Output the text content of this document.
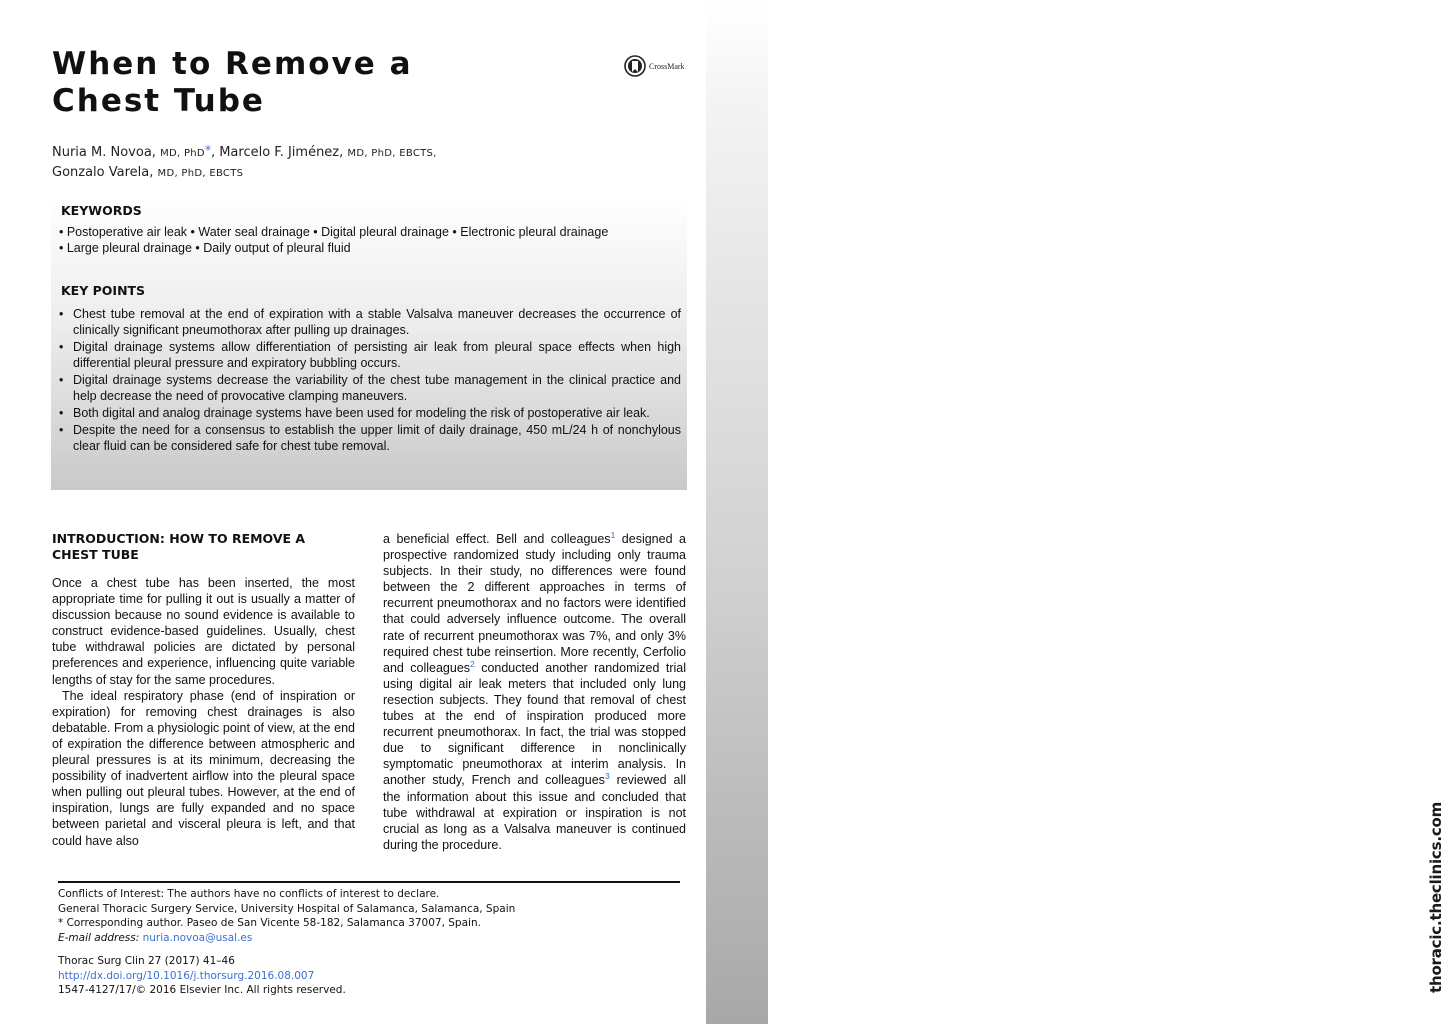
thoracic.theclinics.com
When to Remove a
Chest Tube
CrossMark
Nuria M. Novoa, MD, PhD*, Marcelo F. Jiménez, MD, PhD, EBCTS,
Gonzalo Varela, MD, PhD, EBCTS
KEYWORDS
• Postoperative air leak • Water seal drainage • Digital pleural drainage • Electronic pleural drainage
• Large pleural drainage • Daily output of pleural fluid
KEY POINTS
• Chest tube removal at the end of expiration with a stable Valsalva maneuver decreases the occurrence of clinically significant pneumothorax after pulling up drainages.
• Digital drainage systems allow differentiation of persisting air leak from pleural space effects when high differential pleural pressure and expiratory bubbling occurs.
• Digital drainage systems decrease the variability of the chest tube management in the clinical practice and help decrease the need of provocative clamping maneuvers.
• Both digital and analog drainage systems have been used for modeling the risk of postoperative air leak.
• Despite the need for a consensus to establish the upper limit of daily drainage, 450 mL/24 h of nonchylous clear fluid can be considered safe for chest tube removal.

INTRODUCTION: HOW TO REMOVE A CHEST TUBE

Once a chest tube has been inserted, the most appropriate time for pulling it out is usually a matter of discussion because no sound evidence is available to construct evidence-based guidelines. Usually, chest tube withdrawal policies are dictated by personal preferences and experience, influencing quite variable lengths of stay for the same procedures.

The ideal respiratory phase (end of inspiration or expiration) for removing chest drainages is also debatable. From a physiologic point of view, at the end of expiration the difference between atmospheric and pleural pressures is at its minimum, decreasing the possibility of inadvertent airflow into the pleural space when pulling out pleural tubes. However, at the end of inspiration, lungs are fully expanded and no space between parietal and visceral pleura is left, and that could have also

a beneficial effect. Bell and colleagues$^1$ designed a prospective randomized study including only trauma subjects. In their study, no differences were found between the 2 different approaches in terms of recurrent pneumothorax and no factors were identified that could adversely influence outcome. The overall rate of recurrent pneumothorax was 7%, and only 3% required chest tube reinsertion. More recently, Cerfolio and colleagues$^2$ conducted another randomized trial using digital air leak meters that included only lung resection subjects. They found that removal of chest tubes at the end of inspiration produced more recurrent pneumothorax. In fact, the trial was stopped due to significant difference in nonclinically symptomatic pneumothorax at interim analysis. In another study, French and colleagues$^3$ reviewed all the information about this issue and concluded that tube withdrawal at expiration or inspiration is not crucial as long as a Valsalva maneuver is continued during the procedure.

Conflicts of Interest: The authors have no conflicts of interest to declare.
General Thoracic Surgery Service, University Hospital of Salamanca, Salamanca, Spain
* Corresponding author. Paseo de San Vicente 58-182, Salamanca 37007, Spain.
E-mail address: nuria.novoa@usal.es
Thorac Surg Clin 27 (2017) 41–46
http://dx.doi.org/10.1016/j.thorsurg.2016.08.007
1547-4127/17/© 2016 Elsevier Inc. All rights reserved.
